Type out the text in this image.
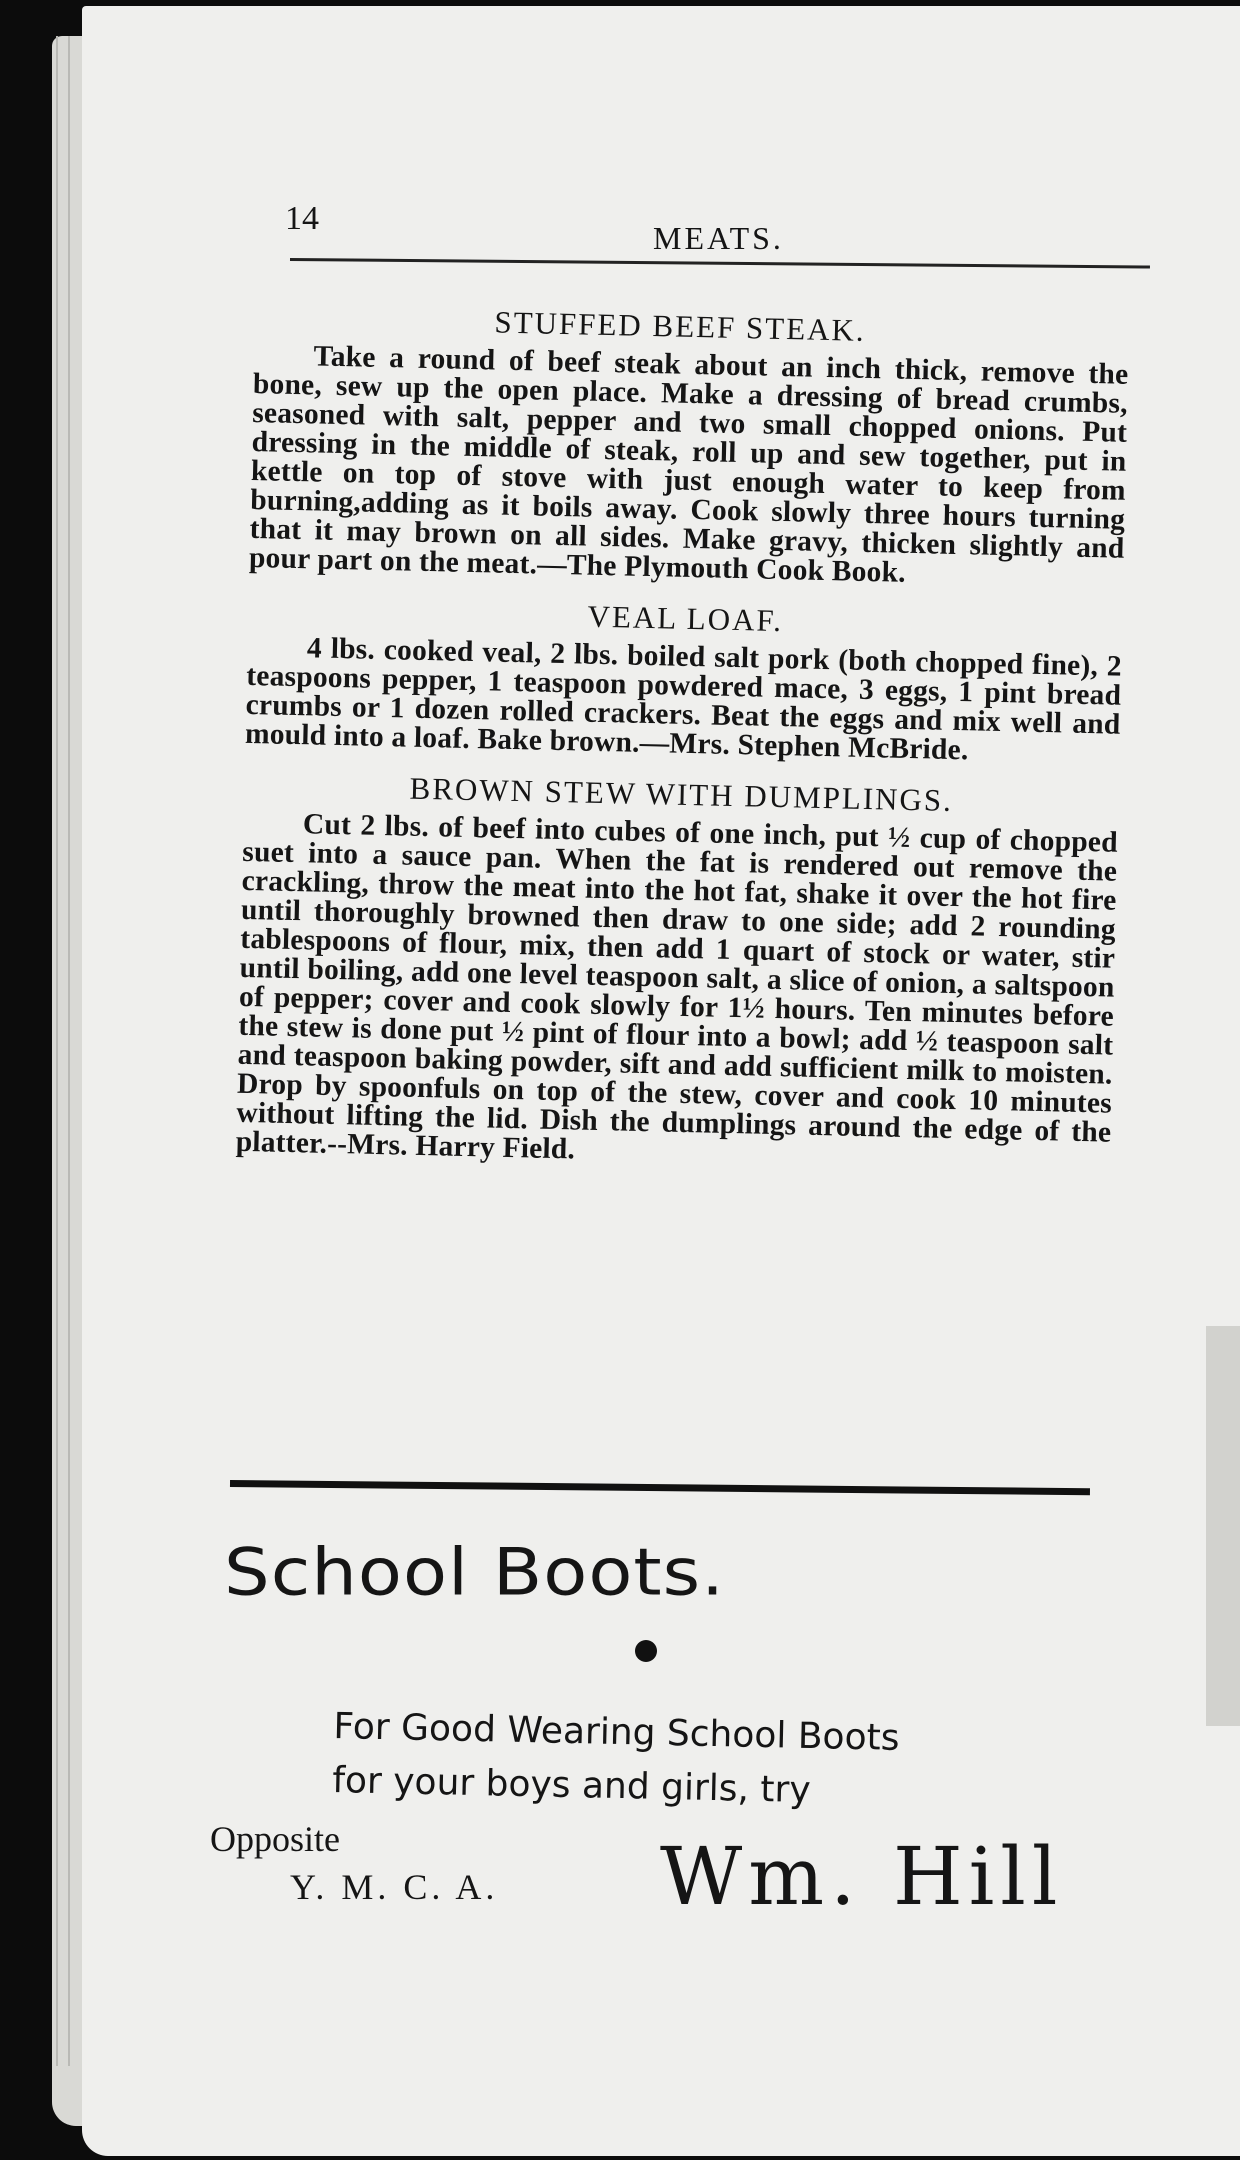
14
MEATS.
STUFFED BEEF STEAK.

Take a round of beef steak about an inch thick, remove the bone, sew up the open place. Make a dressing of bread crumbs, seasoned with salt, pepper and two small chopped onions. Put dressing in the middle of steak, roll up and sew together, put in kettle on top of stove with just enough water to keep from burning,adding as it boils away. Cook slowly three hours turning that it may brown on all sides. Make gravy, thicken slightly and pour part on the meat.—The Plymouth Cook Book.

VEAL LOAF.

4 lbs. cooked veal, 2 lbs. boiled salt pork (both chopped fine), 2 teaspoons pepper, 1 teaspoon powdered mace, 3 eggs, 1 pint bread crumbs or 1 dozen rolled crackers. Beat the eggs and mix well and mould into a loaf. Bake brown.—Mrs. Stephen McBride.

BROWN STEW WITH DUMPLINGS.

Cut 2 lbs. of beef into cubes of one inch, put ½ cup of chopped suet into a sauce pan. When the fat is rendered out remove the crackling, throw the meat into the hot fat, shake it over the hot fire until thoroughly browned then draw to one side; add 2 rounding tablespoons of flour, mix, then add 1 quart of stock or water, stir until boiling, add one level teaspoon salt, a slice of onion, a saltspoon of pepper; cover and cook slowly for 1½ hours. Ten minutes before the stew is done put ½ pint of flour into a bowl; add ½ teaspoon salt and teaspoon baking powder, sift and add sufficient milk to moisten. Drop by spoonfuls on top of the stew, cover and cook 10 minutes without lifting the lid. Dish the dumplings around the edge of the platter.--Mrs. Harry Field.

School Boots.
For Good Wearing School Boots
for your boys and girls, try
Opposite
Y. M. C. A. Wm. Hill
